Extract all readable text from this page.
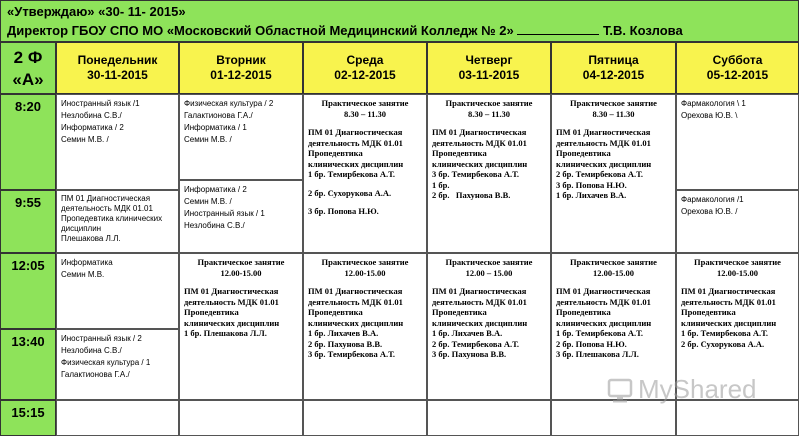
«Утверждаю» «30- 11- 2015»
Директор ГБОУ СПО МО «Московский Областной Медицинский Колледж № 2»	Т.В. Козлова
2 Ф
«А»
Понедельник
30-11-2015
Вторник
01-12-2015
Среда
02-12-2015
Четверг
03-11-2015
Пятница
04-12-2015
Суббота
05-12-2015
8:20
9:55
12:05
13:40
15:15
Иностранный язык /1
Незлобина С.В./
Информатика / 2
Семин М.В. /
ПМ 01 Диагностическая
деятельность МДК 01.01
Пропедевтика клинических
дисциплин
Плешакова Л.Л.
Информатика
Семин М.В.
Иностранный язык / 2
Незлобина С.В./
Физическая культура / 1
Галактионова Г.А./
Физическая культура / 2
Галактионова Г.А./
Информатика / 1
Семин М.В. /
Информатика / 2
Семин М.В. /
Иностранный язык / 1
Незлобина С.В./
Практическое занятие
12.00-15.00
ПМ 01 Диагностическая
деятельность МДК 01.01
Пропедевтика
клинических дисциплин
1 бр. Плешакова Л.Л.
Практическое занятие
8.30 – 11.30
ПМ 01 Диагностическая
деятельность МДК 01.01
Пропедевтика
клинических дисциплин
1 бр. Темирбекова А.Т.
2 бр. Сухорукова А.А.
3 бр. Попова Н.Ю.
Практическое занятие
12.00-15.00
ПМ 01 Диагностическая
деятельность МДК 01.01
Пропедевтика
клинических дисциплин
1 бр. Лихачев В.А.
2 бр. Пахунова В.В.
3 бр. Темирбекова А.Т.
Практическое занятие
8.30 – 11.30
ПМ 01 Диагностическая
деятельность МДК 01.01
Пропедевтика
клинических дисциплин
3 бр. Темирбекова А.Т.
1 бр.
2 бр.   Пахунова В.В.
Практическое занятие
12.00 – 15.00
ПМ 01 Диагностическая
деятельность МДК 01.01
Пропедевтика
клинических дисциплин
1 бр. Лихачев В.А.
2 бр. Темирбекова А.Т.
3 бр. Пахунова В.В.
Практическое занятие
8.30 – 11.30
ПМ 01 Диагностическая
деятельность МДК 01.01
Пропедевтика
клинических дисциплин
2 бр. Темирбекова А.Т.
3 бр. Попова Н.Ю.
1 бр. Лихачев В.А.
Практическое занятие
12.00-15.00
ПМ 01 Диагностическая
деятельность МДК 01.01
Пропедевтика
клинических дисциплин
1 бр. Темирбекова А.Т.
2 бр. Попова Н.Ю.
3 бр. Плешакова Л.Л.
Фармакология \ 1
Орехова Ю.В. \
Фармакология /1
Орехова Ю.В. /
Практическое занятие
12.00-15.00
ПМ 01 Диагностическая
деятельность МДК 01.01
Пропедевтика
клинических дисциплин
1 бр. Темирбекова А.Т.
2 бр. Сухорукова А.А.
MyShared
